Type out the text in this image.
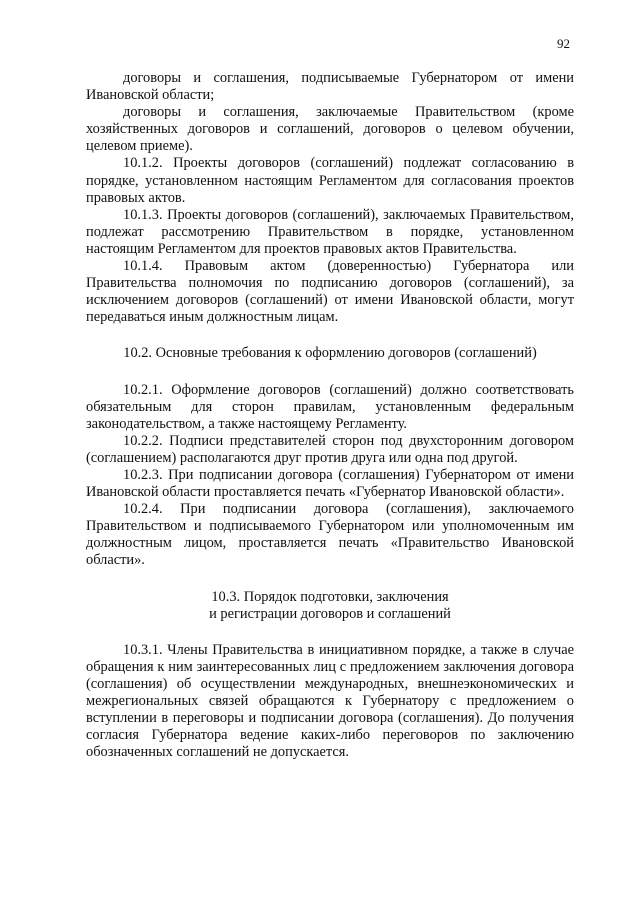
92

договоры и соглашения, подписываемые Губернатором от имени Ивановской области;

договоры и соглашения, заключаемые Правительством (кроме хозяйственных договоров и соглашений, договоров о целевом обучении, целевом приеме).

10.1.2. Проекты договоров (соглашений) подлежат согласованию в порядке, установленном настоящим Регламентом для согласования проектов правовых актов.

10.1.3. Проекты договоров (соглашений), заключаемых Правительством, подлежат рассмотрению Правительством в порядке, установленном настоящим Регламентом для проектов правовых актов Правительства.

10.1.4. Правовым актом (доверенностью) Губернатора или Правительства полномочия по подписанию договоров (соглашений), за исключением договоров (соглашений) от имени Ивановской области, могут передаваться иным должностным лицам.

10.2. Основные требования к оформлению договоров (соглашений)

10.2.1. Оформление договоров (соглашений) должно соответствовать обязательным для сторон правилам, установленным федеральным законодательством, а также настоящему Регламенту.

10.2.2. Подписи представителей сторон под двухсторонним договором (соглашением) располагаются друг против друга или одна под другой.

10.2.3. При подписании договора (соглашения) Губернатором от имени Ивановской области проставляется печать «Губернатор Ивановской области».

10.2.4. При подписании договора (соглашения), заключаемого Правительством и подписываемого Губернатором или уполномоченным им должностным лицом, проставляется печать «Правительство Ивановской области».

10.3. Порядок подготовки, заключения

и регистрации договоров и соглашений

10.3.1. Члены Правительства в инициативном порядке, а также в случае обращения к ним заинтересованных лиц с предложением заключения договора (соглашения) об осуществлении международных, внешнеэкономических и межрегиональных связей обращаются к Губернатору с предложением о вступлении в переговоры и подписании договора (соглашения). До получения согласия Губернатора ведение каких-либо переговоров по заключению обозначенных соглашений не допускается.
